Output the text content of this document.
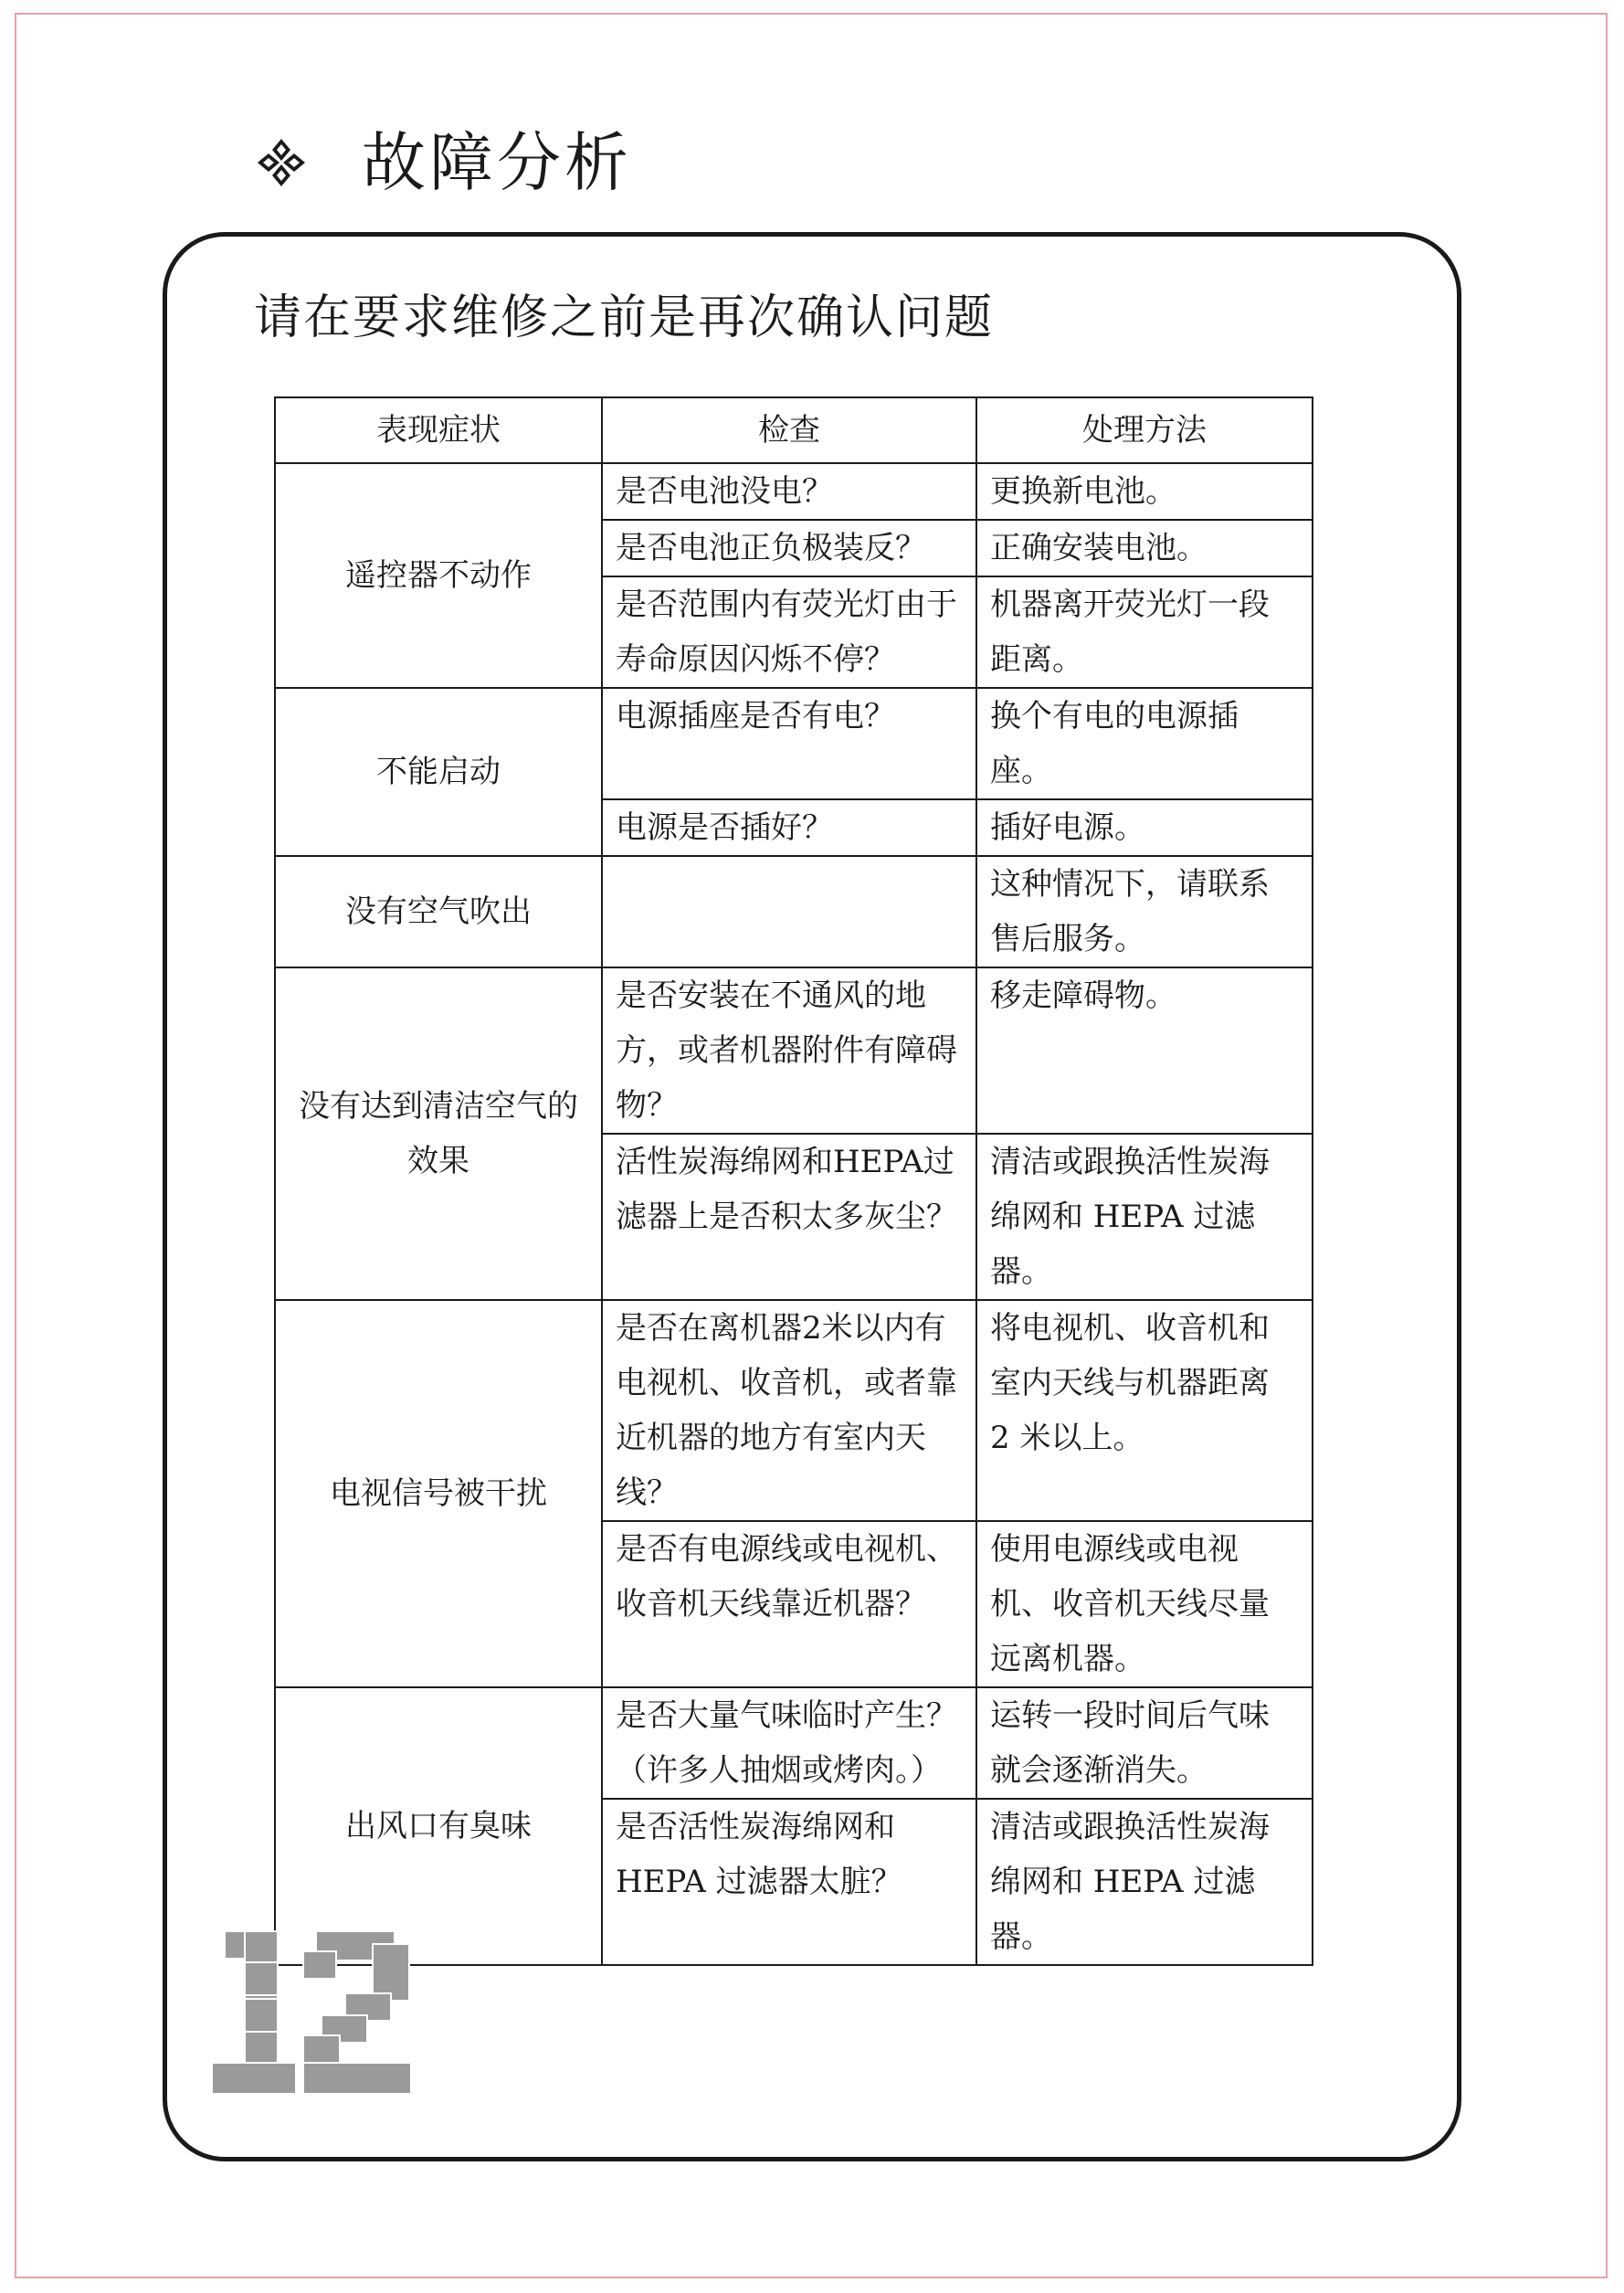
故障分析
请在要求维修之前是再次确认问题
表现症状	检查	处理方法
遥控器不动作	是否电池没电？	更换新电池。
	是否电池正负极装反？	正确安装电池。
	是否范围内有荧光灯由于寿命原因闪烁不停？	机器离开荧光灯一段距离。
不能启动	电源插座是否有电？	换个有电的电源插座。
	电源是否插好？	插好电源。
没有空气吹出		这种情况下，请联系售后服务。
没有达到清洁空气的效果	是否安装在不通风的地方，或者机器附件有障碍物？	移走障碍物。
	活性炭海绵网和HEPA过滤器上是否积太多灰尘？	清洁或跟换活性炭海绵网和 HEPA 过滤器。
电视信号被干扰	是否在离机器2米以内有电视机、收音机，或者靠近机器的地方有室内天线？	将电视机、收音机和室内天线与机器距离 2 米以上。
	是否有电源线或电视机、收音机天线靠近机器？	使用电源线或电视机、收音机天线尽量远离机器。
出风口有臭味	是否大量气味临时产生？（许多人抽烟或烤肉。）	运转一段时间后气味就会逐渐消失。
	是否活性炭海绵网和HEPA 过滤器太脏？	清洁或跟换活性炭海绵网和 HEPA 过滤器。
